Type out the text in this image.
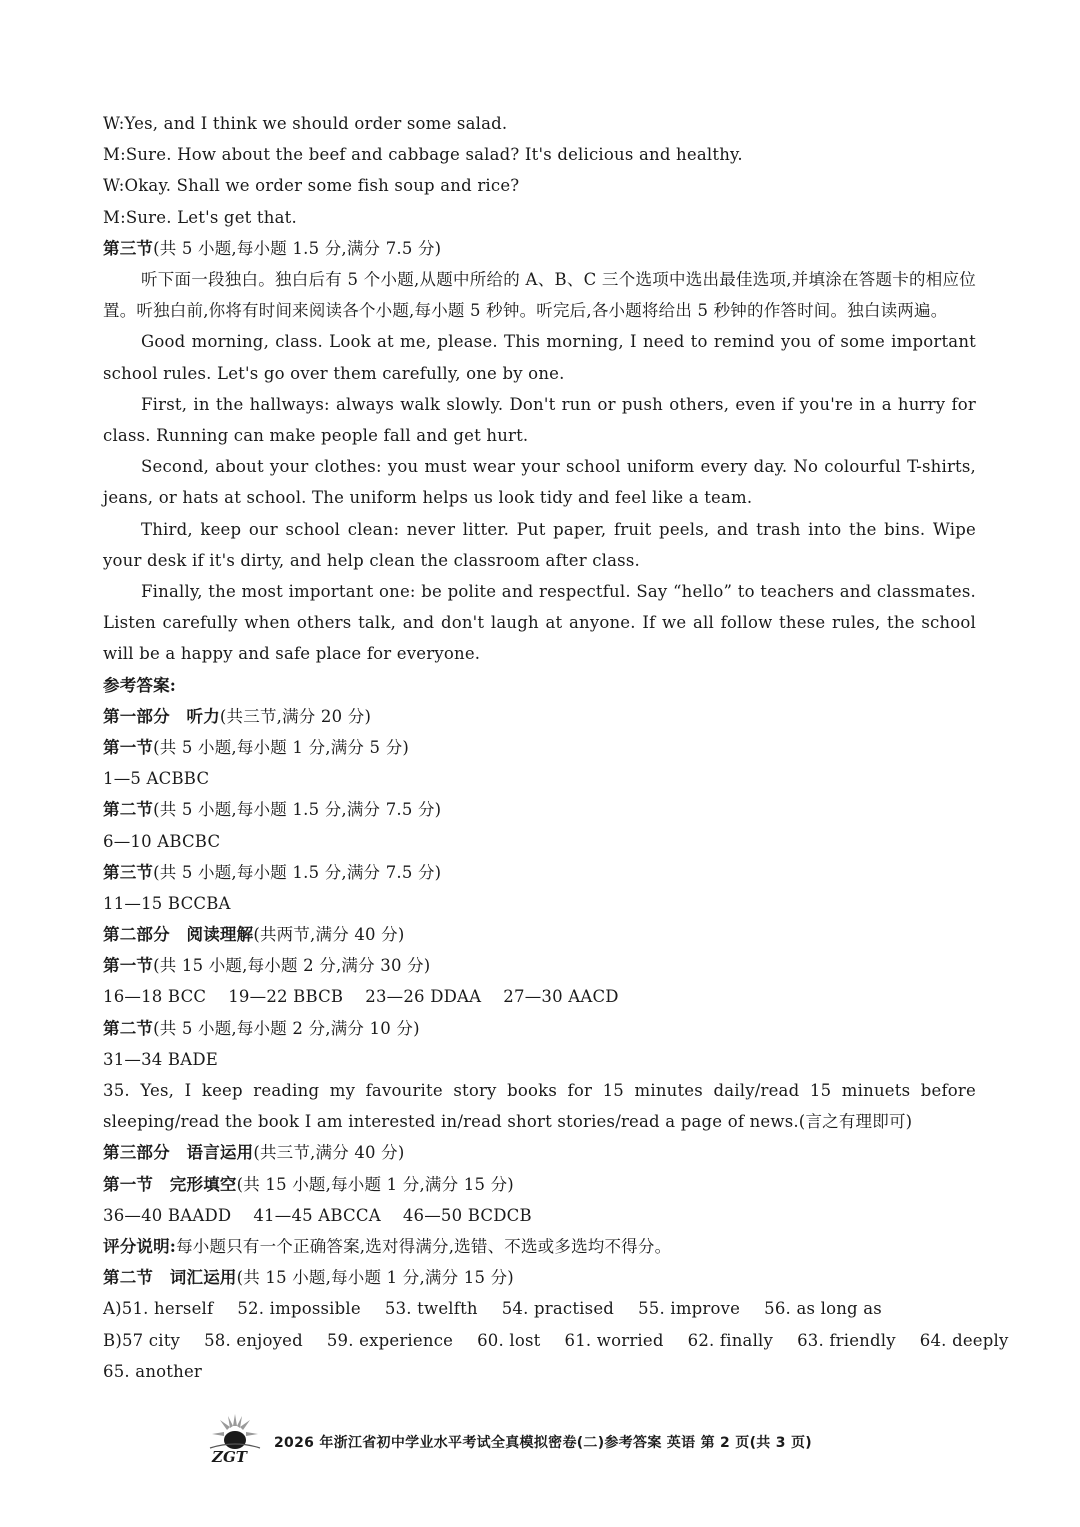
W:Yes, and I think we should order some salad.
M:Sure. How about the beef and cabbage salad? It's delicious and healthy.
W:Okay. Shall we order some fish soup and rice?
M:Sure. Let's get that.
第三节(共 5 小题,每小题 1.5 分,满分 7.5 分)
听下面一段独白。独白后有 5 个小题,从题中所给的 A、B、C 三个选项中选出最佳选项,并填涂在答题卡的相应位置。听独白前,你将有时间来阅读各个小题,每小题 5 秒钟。听完后,各小题将给出 5 秒钟的作答时间。独白读两遍。
Good morning, class. Look at me, please. This morning, I need to remind you of some important school rules. Let's go over them carefully, one by one.
First, in the hallways: always walk slowly. Don't run or push others, even if you're in a hurry for class. Running can make people fall and get hurt.
Second, about your clothes: you must wear your school uniform every day. No colourful T-shirts, jeans, or hats at school. The uniform helps us look tidy and feel like a team.
Third, keep our school clean: never litter. Put paper, fruit peels, and trash into the bins. Wipe your desk if it's dirty, and help clean the classroom after class.
Finally, the most important one: be polite and respectful. Say “hello” to teachers and classmates. Listen carefully when others talk, and don't laugh at anyone. If we all follow these rules, the school will be a happy and safe place for everyone.
参考答案:
第一部分　听力(共三节,满分 20 分)
第一节(共 5 小题,每小题 1 分,满分 5 分)
1—5 ACBBC
第二节(共 5 小题,每小题 1.5 分,满分 7.5 分)
6—10 ABCBC
第三节(共 5 小题,每小题 1.5 分,满分 7.5 分)
11—15 BCCBA
第二部分　阅读理解(共两节,满分 40 分)
第一节(共 15 小题,每小题 2 分,满分 30 分)
16—18 BCC 19—22 BBCB 23—26 DDAA 27—30 AACD
第二节(共 5 小题,每小题 2 分,满分 10 分)
31—34 BADE
35. Yes, I keep reading my favourite story books for 15 minutes daily/read 15 minuets before sleeping/read the book I am interested in/read short stories/read a page of news.(言之有理即可)
第三部分　语言运用(共三节,满分 40 分)
第一节　完形填空(共 15 小题,每小题 1 分,满分 15 分)
36—40 BAADD 41—45 ABCCA 46—50 BCDCB
评分说明:每小题只有一个正确答案,选对得满分,选错、不选或多选均不得分。
第二节　词汇运用(共 15 小题,每小题 1 分,满分 15 分)
A)51. herself 52. impossible 53. twelfth 54. practised 55. improve 56. as long as
B)57 city 58. enjoyed 59. experience 60. lost 61. worried 62. finally 63. friendly 64. deeply
65. another
ZGT
2026 年浙江省初中学业水平考试全真模拟密卷(二)参考答案 英语 第 2 页(共 3 页)
